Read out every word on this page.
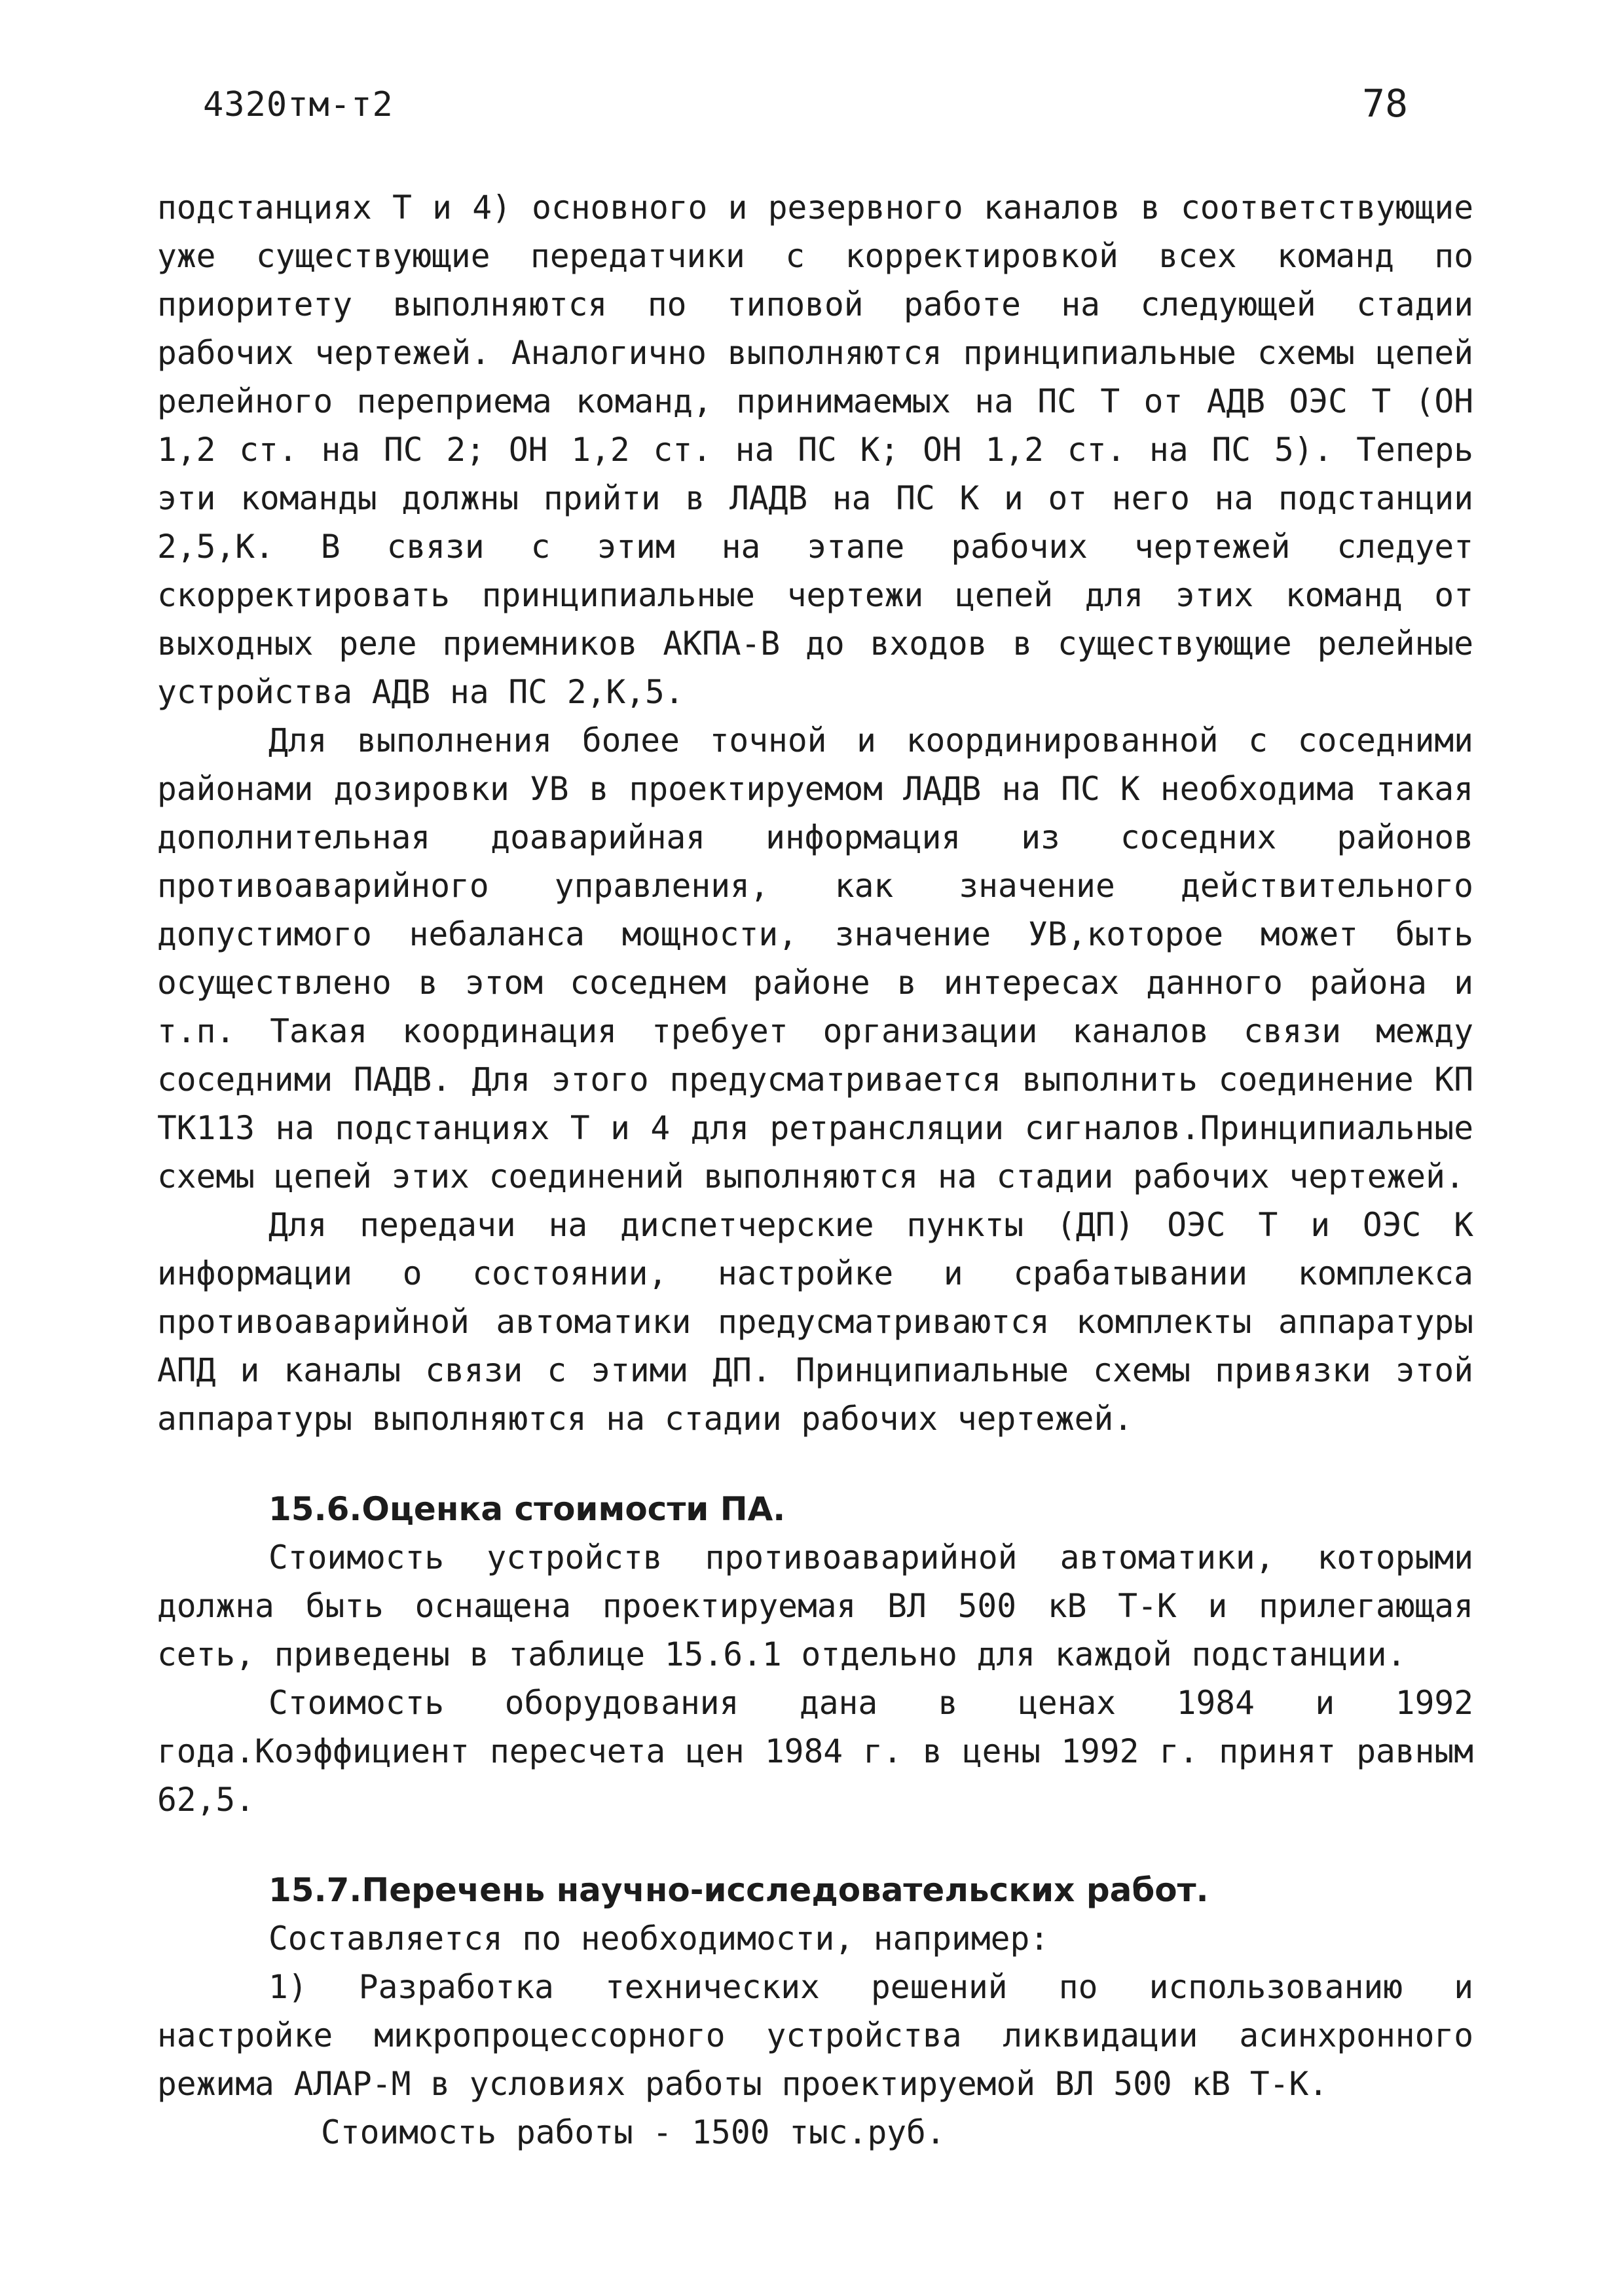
4320тм-т2	78

подстанциях Т и 4) основного и резервного каналов в соответствующие уже существующие передатчики с корректировкой всех команд по приоритету выполняются по типовой работе на следующей стадии рабочих чертежей. Аналогично выполняются принципиальные схемы цепей релейного переприема команд, принимаемых на ПС Т от АДВ ОЭС Т (ОН 1,2 ст. на ПС 2; ОН 1,2 ст. на ПС К; ОН 1,2 ст. на ПС 5). Теперь эти команды должны прийти в ЛАДВ на ПС К и от него на подстанции 2,5,К. В связи с этим на этапе рабочих чертежей следует скорректировать принципиальные чертежи цепей для этих команд от выходных реле приемников АКПА-В до входов в существующие релейные устройства АДВ на ПС 2,К,5.

Для выполнения более точной и координированной с соседними районами дозировки УВ в проектируемом ЛАДВ на ПС К необходима такая дополнительная доаварийная информация из соседних районов противоаварийного управления, как значение действительного допустимого небаланса мощности, значение УВ,которое может быть осуществлено в этом соседнем районе в интересах данного района и т.п. Такая координация требует организации каналов связи между соседними ПАДВ. Для этого предусматривается выполнить соединение КП ТК113 на подстанциях Т и 4 для ретрансляции сигналов.Принципиальные схемы цепей этих соединений выполняются на стадии рабочих чертежей.

Для передачи на диспетчерские пункты (ДП) ОЭС Т и ОЭС К информации о состоянии, настройке и срабатывании комплекса противоаварийной автоматики предусматриваются комплекты аппаратуры АПД и каналы связи с этими ДП. Принципиальные схемы привязки этой аппаратуры выполняются на стадии рабочих чертежей.

15.6.Оценка стоимости ПА.

Стоимость устройств противоаварийной автоматики, которыми должна быть оснащена проектируемая ВЛ 500 кВ Т-К и прилегающая сеть, приведены в таблице 15.6.1 отдельно для каждой подстанции.

Стоимость оборудования дана в ценах 1984 и 1992 года.Коэффициент пересчета цен 1984 г. в цены 1992 г. принят равным 62,5.

15.7.Перечень научно-исследовательских работ.

Составляется по необходимости, например:

1) Разработка технических решений по использованию и настройке микропроцессорного устройства ликвидации асинхронного режима АЛАР-М в условиях работы проектируемой ВЛ 500 кВ Т-К.

Стоимость работы - 1500 тыс.руб.
